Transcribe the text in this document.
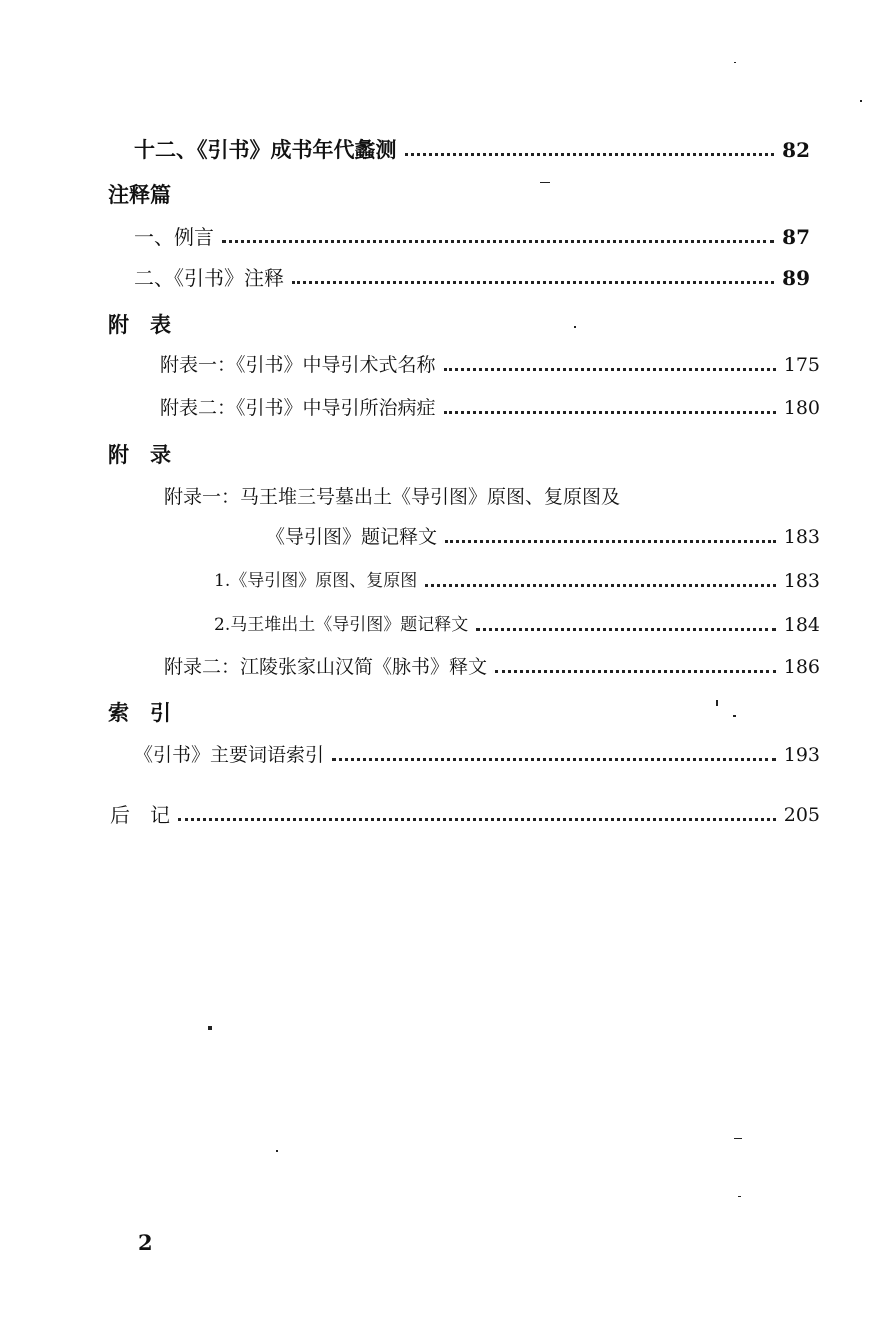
十二、《引书》成书年代蠡测	82
注释篇
一、例言	87
二、《引书》注释	89
附　表
附表一：《引书》中导引术式名称	175
附表二：《引书》中导引所治病症	180
附　录
附录一：马王堆三号墓出土《导引图》原图、复原图及
《导引图》题记释文	183
1.《导引图》原图、复原图	183
2.马王堆出土《导引图》题记释文	184
附录二：江陵张家山汉简《脉书》释文	186
索　引
《引书》主要词语索引	193
后　记	205
2
